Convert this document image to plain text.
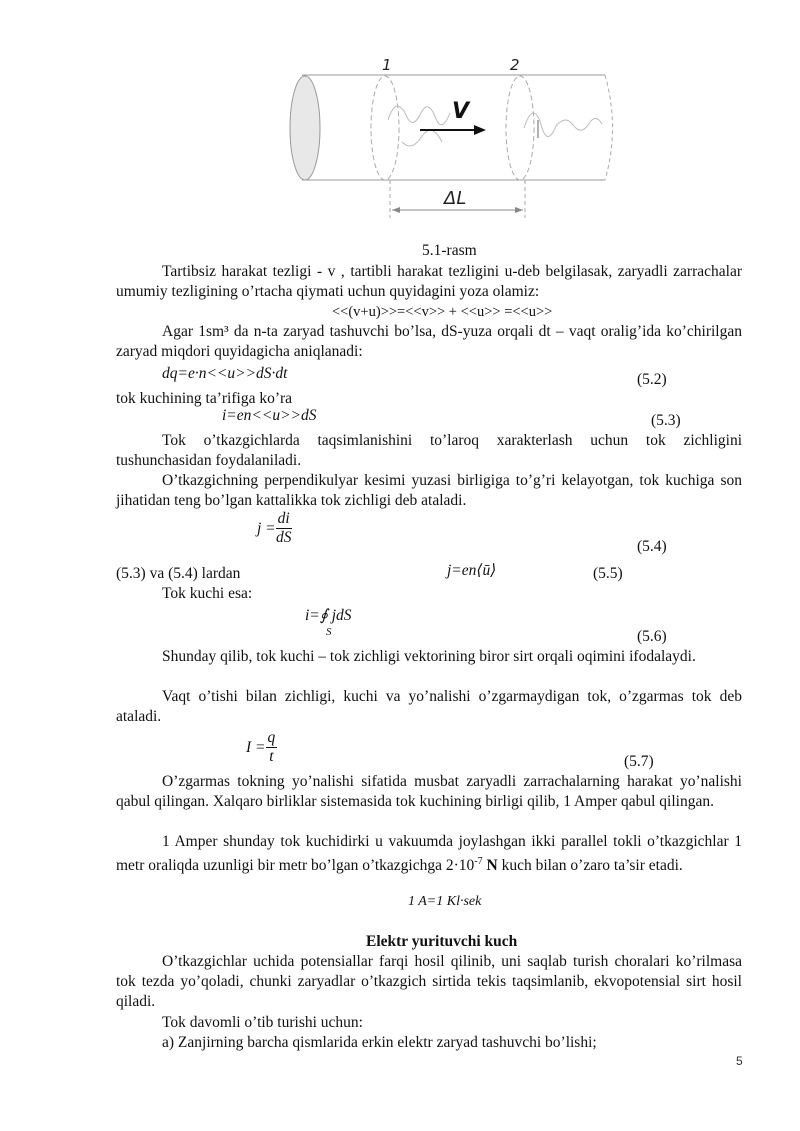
1	2
V
ΔL
5.1-rasm
Tartibsiz harakat tezligi - v , tartibli harakat tezligini u-deb belgilasak, zaryadli zarrachalar umumiy tezligining o’rtacha qiymati uchun quyidagini yoza olamiz:
<<(v+u)>>=<<v>> + <<u>> =<<u>>
Agar 1sm³ da n-ta zaryad tashuvchi bo’lsa, dS-yuza orqali dt – vaqt oralig’ida ko’chirilgan zaryad miqdori quyidagicha aniqlanadi:
dq=e·n<<u>>dS·dt	(5.2)
tok kuchining ta’rifiga ko’ra
i=en<<u>>dS	(5.3)
Tok o’tkazgichlarda taqsimlanishini to’laroq xarakterlash uchun tok zichligini tushunchasidan foydalaniladi.
O’tkazgichning perpendikulyar kesimi yuzasi birligiga to’g’ri kelayotgan, tok kuchiga son jihatidan teng bo’lgan kattalikka tok zichligi deb ataladi.
$j = \frac{di}{dS}$	(5.4)
(5.3) va (5.4) lardan	j=en⟨ū⟩	(5.5)
Tok kuchi esa:
i=∮ jdS
S	(5.6)
Shunday qilib, tok kuchi – tok zichligi vektorining biror sirt orqali oqimini ifodalaydi.
Vaqt o’tishi bilan zichligi, kuchi va yo’nalishi o’zgarmaydigan tok, o’zgarmas tok deb ataladi.
$I = \frac{q}{t}$	(5.7)
O’zgarmas tokning yo’nalishi sifatida musbat zaryadli zarrachalarning harakat yo’nalishi qabul qilingan. Xalqaro birliklar sistemasida tok kuchining birligi qilib, 1 Amper qabul qilingan.
1 Amper shunday tok kuchidirki u vakuumda joylashgan ikki parallel tokli o’tkazgichlar 1 metr oraliqda uzunligi bir metr bo’lgan o’tkazgichga $2\cdot 10^{-7}$ N kuch bilan o’zaro ta’sir etadi.
1 A=1 Kl·sek
Elektr yurituvchi kuch
O’tkazgichlar uchida potensiallar farqi hosil qilinib, uni saqlab turish choralari ko’rilmasa tok tezda yo’qoladi, chunki zaryadlar o’tkazgich sirtida tekis taqsimlanib, ekvopotensial sirt hosil qiladi.
Tok davomli o’tib turishi uchun:
a) Zanjirning barcha qismlarida erkin elektr zaryad tashuvchi bo’lishi;
5
